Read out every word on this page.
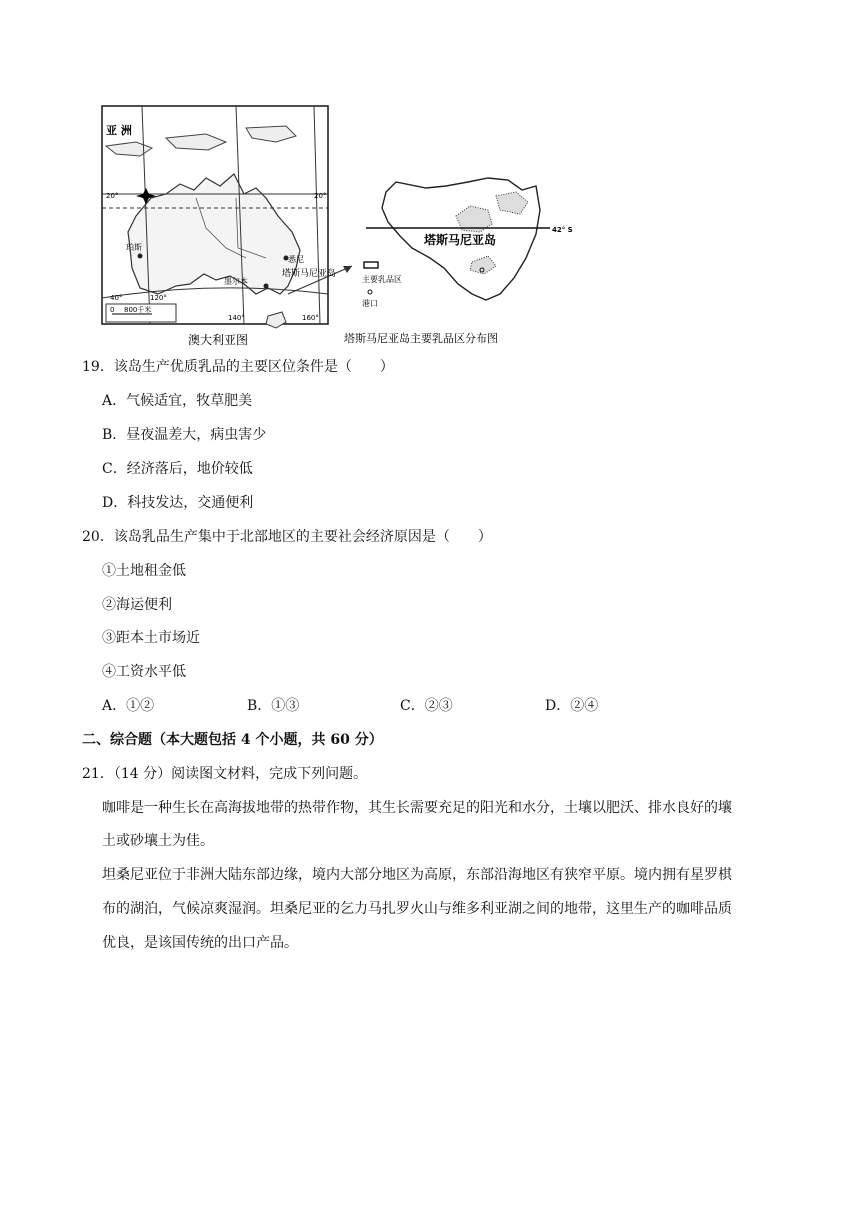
0 800千米
亚 洲
20°	20°
40°	120°
140°	160°
珀斯
悉尼
墨尔本
塔斯马尼亚岛
澳大利亚图
42° S
塔斯马尼亚岛
主要乳品区
港口
塔斯马尼亚岛主要乳品区分布图
19．该岛生产优质乳品的主要区位条件是（　　）
A．气候适宜，牧草肥美
B．昼夜温差大，病虫害少
C．经济落后，地价较低
D．科技发达，交通便利
20．该岛乳品生产集中于北部地区的主要社会经济原因是（　　）
①土地租金低
②海运便利
③距本土市场近
④工资水平低
A．①②	B．①③	C．②③	D．②④
二、综合题（本大题包括 4 个小题，共 60 分）
21．（14 分）阅读图文材料，完成下列问题。
咖啡是一种生长在高海拔地带的热带作物，其生长需要充足的阳光和水分，土壤以肥沃、排水良好的壤
土或砂壤土为佳。
坦桑尼亚位于非洲大陆东部边缘，境内大部分地区为高原，东部沿海地区有狭窄平原。境内拥有星罗棋
布的湖泊，气候凉爽湿润。坦桑尼亚的乞力马扎罗火山与维多利亚湖之间的地带，这里生产的咖啡品质
优良，是该国传统的出口产品。
